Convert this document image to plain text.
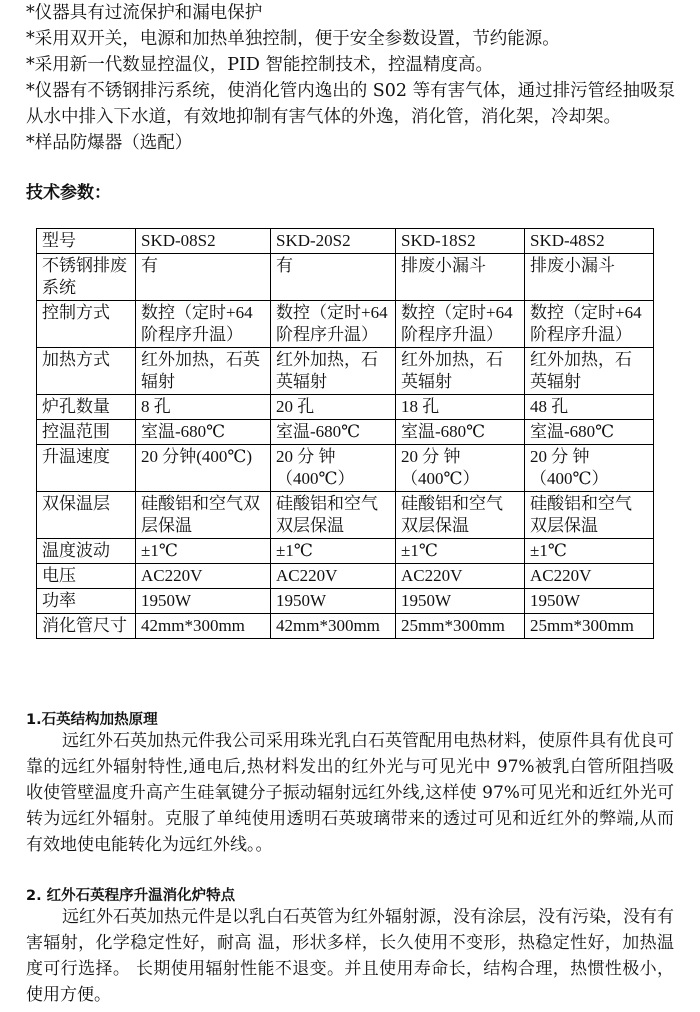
*仪器具有过流保护和漏电保护

*采用双开关，电源和加热单独控制，便于安全参数设置，节约能源。

*采用新一代数显控温仪，PID 智能控制技术，控温精度高。

*仪器有不锈钢排污系统，使消化管内逸出的 S02 等有害气体，通过排污管经抽吸泵从水中排入下水道，有效地抑制有害气体的外逸，消化管，消化架，冷却架。

*样品防爆器（选配）

技术参数：
型号	SKD-08S2	SKD-20S2	SKD-18S2	SKD-48S2
不锈钢排废系统	有	有	排废小漏斗	排废小漏斗
控制方式	数控（定时+64阶程序升温）	数控（定时+64阶程序升温）	数控（定时+64阶程序升温）	数控（定时+64阶程序升温）
加热方式	红外加热，石英辐射	红外加热，石英辐射	红外加热，石英辐射	红外加热，石英辐射
炉孔数量	8 孔	20 孔	18 孔	48 孔
控温范围	室温-680℃	室温-680℃	室温-680℃	室温-680℃
升温速度	20 分钟(400℃)	20 分 钟（400℃）	20 分 钟（400℃）	20 分 钟（400℃）
双保温层	硅酸铝和空气双层保温	硅酸铝和空气双层保温	硅酸铝和空气双层保温	硅酸铝和空气双层保温
温度波动	±1℃	±1℃	±1℃	±1℃
电压	AC220V	AC220V	AC220V	AC220V
功率	1950W	1950W	1950W	1950W
消化管尺寸	42mm*300mm	42mm*300mm	25mm*300mm	25mm*300mm
1.石英结构加热原理

远红外石英加热元件我公司采用珠光乳白石英管配用电热材料，使原件具有优良可靠的远红外辐射特性,通电后,热材料发出的红外光与可见光中 97%被乳白管所阻挡吸收使管壁温度升高产生硅氧键分子振动辐射远红外线,这样使 97%可见光和近红外光可转为远红外辐射。克服了单纯使用透明石英玻璃带来的透过可见和近红外的弊端,从而有效地使电能转化为远红外线。。

2. 红外石英程序升温消化炉特点

远红外石英加热元件是以乳白石英管为红外辐射源，没有涂层，没有污染，没有有害辐射，化学稳定性好，耐高 温，形状多样，长久使用不变形，热稳定性好，加热温度可行选择。 长期使用辐射性能不退变。并且使用寿命长，结构合理，热惯性极小，使用方便。
